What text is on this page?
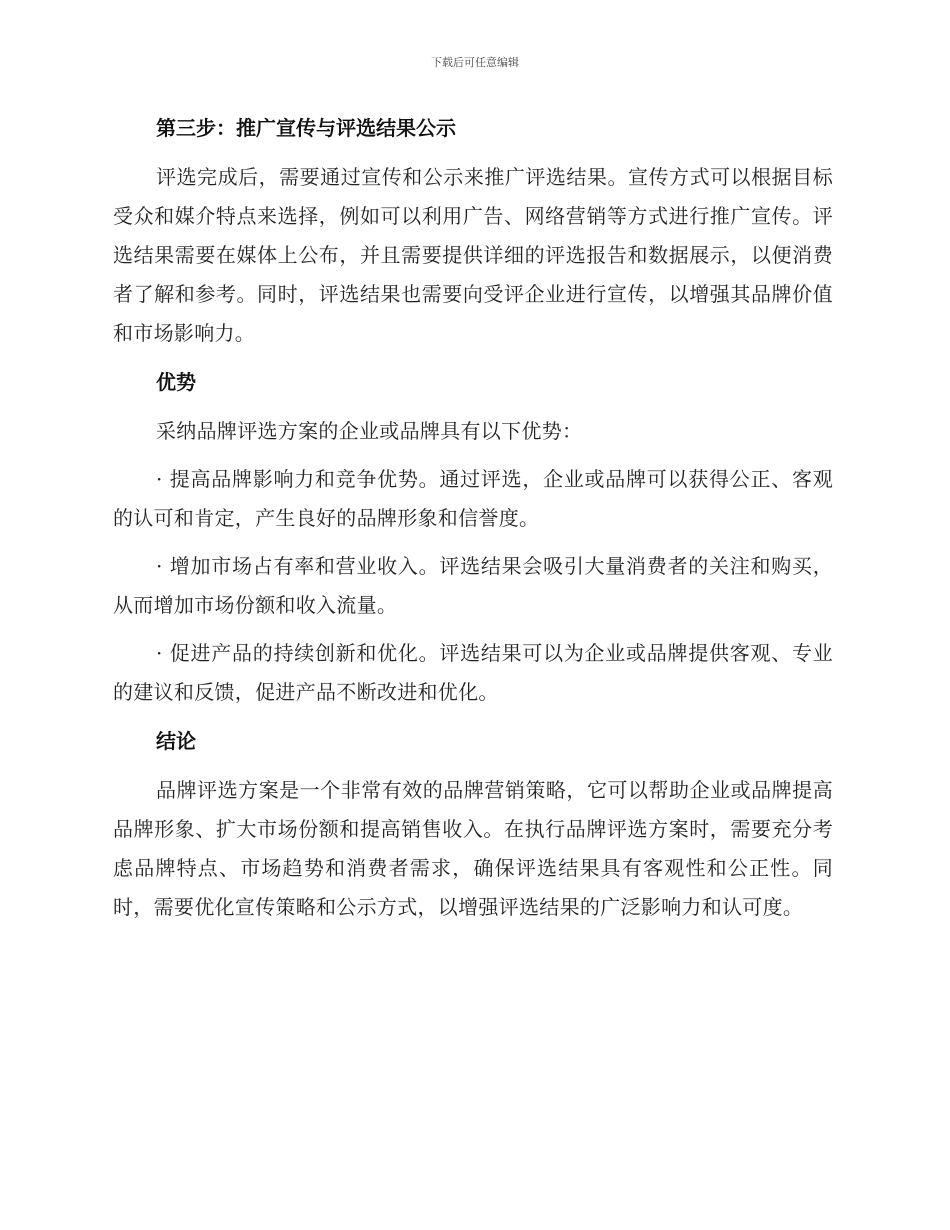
下载后可任意编辑
第三步：推广宣传与评选结果公示

评选完成后，需要通过宣传和公示来推广评选结果。宣传方式可以根据目标受众和媒介特点来选择，例如可以利用广告、网络营销等方式进行推广宣传。评选结果需要在媒体上公布，并且需要提供详细的评选报告和数据展示，以便消费者了解和参考。同时，评选结果也需要向受评企业进行宣传，以增强其品牌价值和市场影响力。

优势

采纳品牌评选方案的企业或品牌具有以下优势：

· 提高品牌影响力和竞争优势。通过评选，企业或品牌可以获得公正、客观的认可和肯定，产生良好的品牌形象和信誉度。

· 增加市场占有率和营业收入。评选结果会吸引大量消费者的关注和购买，从而增加市场份额和收入流量。

· 促进产品的持续创新和优化。评选结果可以为企业或品牌提供客观、专业的建议和反馈，促进产品不断改进和优化。

结论

品牌评选方案是一个非常有效的品牌营销策略，它可以帮助企业或品牌提高品牌形象、扩大市场份额和提高销售收入。在执行品牌评选方案时，需要充分考虑品牌特点、市场趋势和消费者需求，确保评选结果具有客观性和公正性。同时，需要优化宣传策略和公示方式，以增强评选结果的广泛影响力和认可度。
